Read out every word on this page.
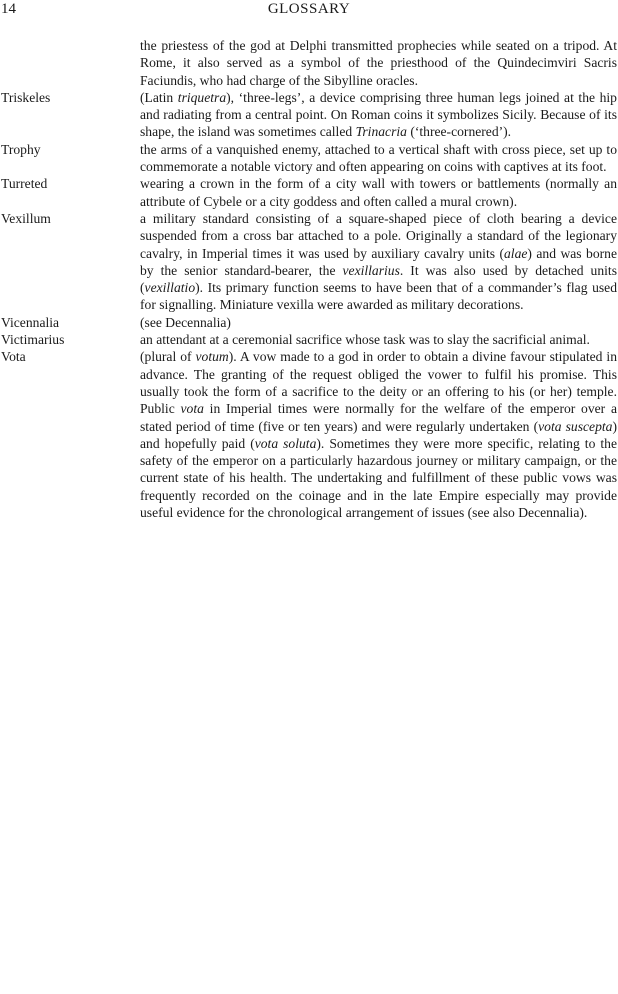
14	GLOSSARY
the priestess of the god at Delphi transmitted prophecies while seated on a tripod. At Rome, it also served as a symbol of the priesthood of the Quindecimviri Sacris Faciundis, who had charge of the Sibylline oracles.
Triskeles	(Latin triquetra), ‘three-legs’, a device comprising three human legs joined at the hip and radiating from a central point. On Roman coins it symbolizes Sicily. Because of its shape, the island was sometimes called Trinacria (‘three-cornered’).
Trophy	the arms of a vanquished enemy, attached to a vertical shaft with cross piece, set up to commemorate a notable victory and often appearing on coins with captives at its foot.
Turreted	wearing a crown in the form of a city wall with towers or battlements (normally an attribute of Cybele or a city goddess and often called a mural crown).
Vexillum	a military standard consisting of a square-shaped piece of cloth bearing a device suspended from a cross bar attached to a pole. Originally a standard of the legionary cavalry, in Imperial times it was used by auxiliary cavalry units (alae) and was borne by the senior standard-bearer, the vexillarius. It was also used by detached units (vexillatio). Its primary function seems to have been that of a commander’s flag used for signalling. Miniature vexilla were awarded as military decorations.
Vicennalia	(see Decennalia)
Victimarius	an attendant at a ceremonial sacrifice whose task was to slay the sacrificial animal.
Vota	(plural of votum). A vow made to a god in order to obtain a divine favour stipulated in advance. The granting of the request obliged the vower to fulfil his promise. This usually took the form of a sacrifice to the deity or an offering to his (or her) temple. Public vota in Imperial times were normally for the welfare of the emperor over a stated period of time (five or ten years) and were regularly undertaken (vota suscepta) and hopefully paid (vota soluta). Sometimes they were more specific, relating to the safety of the emperor on a particularly hazardous journey or military campaign, or the current state of his health. The undertaking and fulfillment of these public vows was frequently recorded on the coinage and in the late Empire especially may provide useful evidence for the chronological arrangement of issues (see also Decennalia).
